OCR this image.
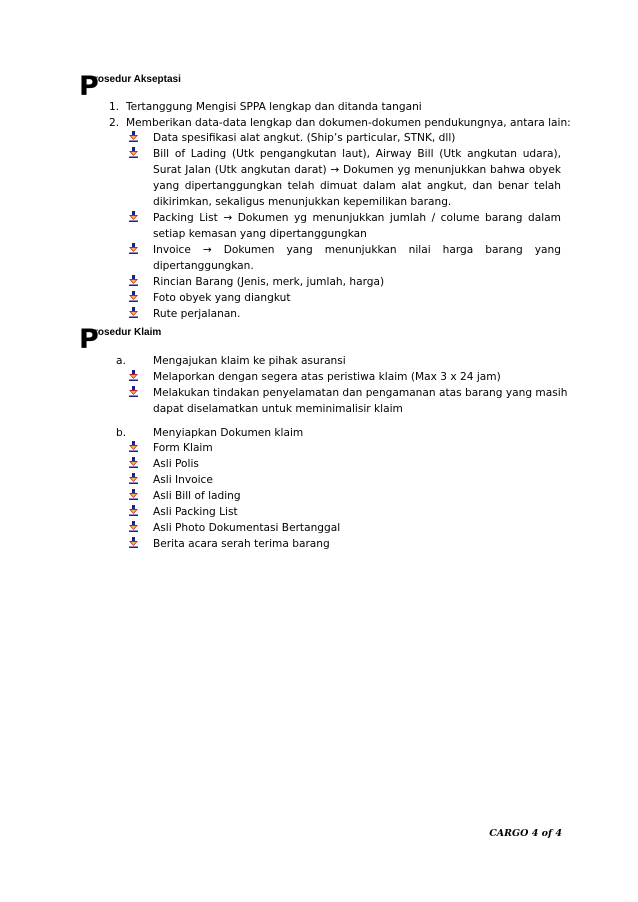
P
rosedur Akseptasi
1. Tertanggung Mengisi SPPA lengkap dan ditanda tangani
2. Memberikan data-data lengkap dan dokumen-dokumen pendukungnya, antara lain:
Data spesifikasi alat angkut. (Ship’s particular, STNK, dll)
Bill of Lading (Utk pengangkutan laut), Airway Bill (Utk angkutan udara),
Surat Jalan (Utk angkutan darat) → Dokumen yg menunjukkan bahwa obyek
yang dipertanggungkan telah dimuat dalam alat angkut, dan benar telah
dikirimkan, sekaligus menunjukkan kepemilikan barang.
Packing List → Dokumen yg menunjukkan jumlah / colume barang dalam
setiap kemasan yang dipertanggungkan
Invoice → Dokumen yang menunjukkan nilai harga barang yang
dipertanggungkan.
Rincian Barang (Jenis, merk, jumlah, harga)
Foto obyek yang diangkut
Rute perjalanan.
P
rosedur Klaim
a.	Mengajukan klaim ke pihak asuransi
Melaporkan dengan segera atas peristiwa klaim (Max 3 x 24 jam)
Melakukan tindakan penyelamatan dan pengamanan atas barang yang masih
dapat diselamatkan untuk meminimalisir klaim
b.	Menyiapkan Dokumen klaim
Form Klaim
Asli Polis
Asli Invoice
Asli Bill of lading
Asli Packing List
Asli Photo Dokumentasi Bertanggal
Berita acara serah terima barang
CARGO 4 of 4
